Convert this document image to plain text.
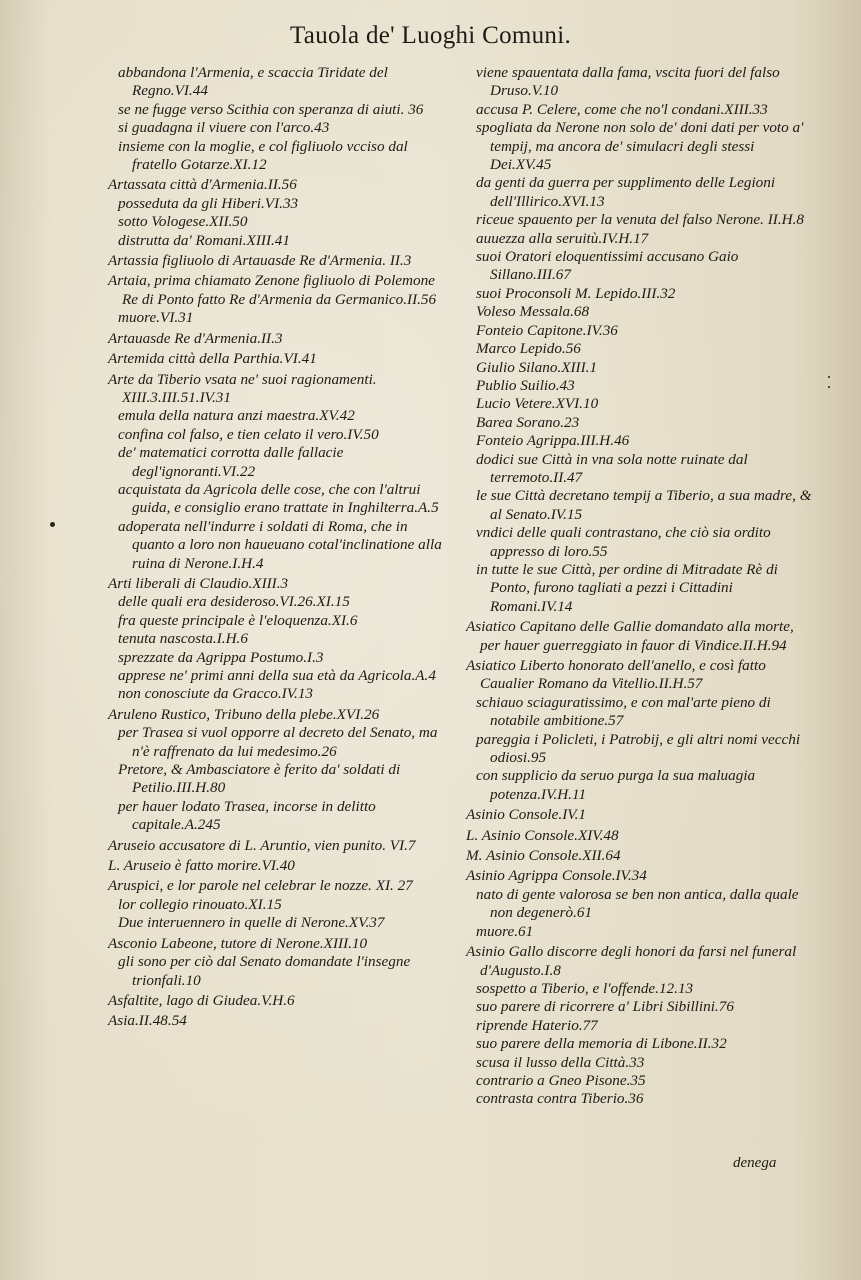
Tauola de' Luoghi Comuni.
abbandona l'Armenia, e scaccia Tiridate del Regno.VI.44
se ne fugge verso Scithia con speranza di aiuti. 36
si guadagna il viuere con l'arco.43
insieme con la moglie, e col figliuolo vcciso dal fratello Gotarze.XI.12
Artassata città d'Armenia.II.56
posseduta da gli Hiberi.VI.33
sotto Vologese.XII.50
distrutta da' Romani.XIII.41
Artassia figliuolo di Artauasde Re d'Armenia. II.3
Artaia, prima chiamato Zenone figliuolo di Polemone Re di Ponto fatto Re d'Armenia da Germanico.II.56
muore.VI.31
Artauasde Re d'Armenia.II.3
Artemida città della Parthia.VI.41
Arte da Tiberio vsata ne' suoi ragionamenti. XIII.3.III.51.IV.31
emula della natura anzi maestra.XV.42
confina col falso, e tien celato il vero.IV.50
de' matematici corrotta dalle fallacie degl'ignoranti.VI.22
acquistata da Agricola delle cose, che con l'altrui guida, e consiglio erano trattate in Inghilterra.A.5
adoperata nell'indurre i soldati di Roma, che in quanto a loro non haueuano cotal'inclinatione alla ruina di Nerone.I.H.4
Arti liberali di Claudio.XIII.3
delle quali era desideroso.VI.26.XI.15
fra queste principale è l'eloquenza.XI.6
tenuta nascosta.I.H.6
sprezzate da Agrippa Postumo.I.3
apprese ne' primi anni della sua età da Agricola.A.4
non conosciute da Gracco.IV.13
Aruleno Rustico, Tribuno della plebe.XVI.26
per Trasea si vuol opporre al decreto del Senato, ma n'è raffrenato da lui medesimo.26
Pretore, & Ambasciatore è ferito da' soldati di Petilio.III.H.80
per hauer lodato Trasea, incorse in delitto capitale.A.245
Aruseio accusatore di L. Aruntio, vien punito. VI.7
L. Aruseio è fatto morire.VI.40
Aruspici, e lor parole nel celebrar le nozze. XI. 27
lor collegio rinouato.XI.15
Due interuennero in quelle di Nerone.XV.37
Asconio Labeone, tutore di Nerone.XIII.10
gli sono per ciò dal Senato domandate l'insegne trionfali.10
Asfaltite, lago di Giudea.V.H.6
Asia.II.48.54
viene spauentata dalla fama, vscita fuori del falso Druso.V.10
accusa P. Celere, come che no'l condani.XIII.33
spogliata da Nerone non solo de' doni dati per voto a' tempij, ma ancora de' simulacri degli stessi Dei.XV.45
da genti da guerra per supplimento delle Legioni dell'Illirico.XVI.13
riceue spauento per la venuta del falso Nerone. II.H.8
auuezza alla seruitù.IV.H.17
suoi Oratori eloquentissimi accusano Gaio Sillano.III.67
suoi Proconsoli M. Lepido.III.32
Voleso Messala.68
Fonteio Capitone.IV.36
Marco Lepido.56
Giulio Silano.XIII.1
Publio Suilio.43
Lucio Vetere.XVI.10
Barea Sorano.23
Fonteio Agrippa.III.H.46
dodici sue Città in vna sola notte ruinate dal terremoto.II.47
le sue Città decretano tempij a Tiberio, a sua madre, & al Senato.IV.15
vndici delle quali contrastano, che ciò sia ordito appresso di loro.55
in tutte le sue Città, per ordine di Mitradate Rè di Ponto, furono tagliati a pezzi i Cittadini Romani.IV.14
Asiatico Capitano delle Gallie domandato alla morte, per hauer guerreggiato in fauor di Vindice.II.H.94
Asiatico Liberto honorato dell'anello, e così fatto Caualier Romano da Vitellio.II.H.57
schiauo sciaguratissimo, e con mal'arte pieno di notabile ambitione.57
pareggia i Policleti, i Patrobij, e gli altri nomi vecchi odiosi.95
con supplicio da seruo purga la sua maluagia potenza.IV.H.11
Asinio Console.IV.1
L. Asinio Console.XIV.48
M. Asinio Console.XII.64
Asinio Agrippa Console.IV.34
nato di gente valorosa se ben non antica, dalla quale non degenerò.61
muore.61
Asinio Gallo discorre degli honori da farsi nel funeral d'Augusto.I.8
sospetto a Tiberio, e l'offende.12.13
suo parere di ricorrere a' Libri Sibillini.76
riprende Haterio.77
suo parere della memoria di Libone.II.32
scusa il lusso della Città.33
contrario a Gneo Pisone.35
contrasta contra Tiberio.36
denega
